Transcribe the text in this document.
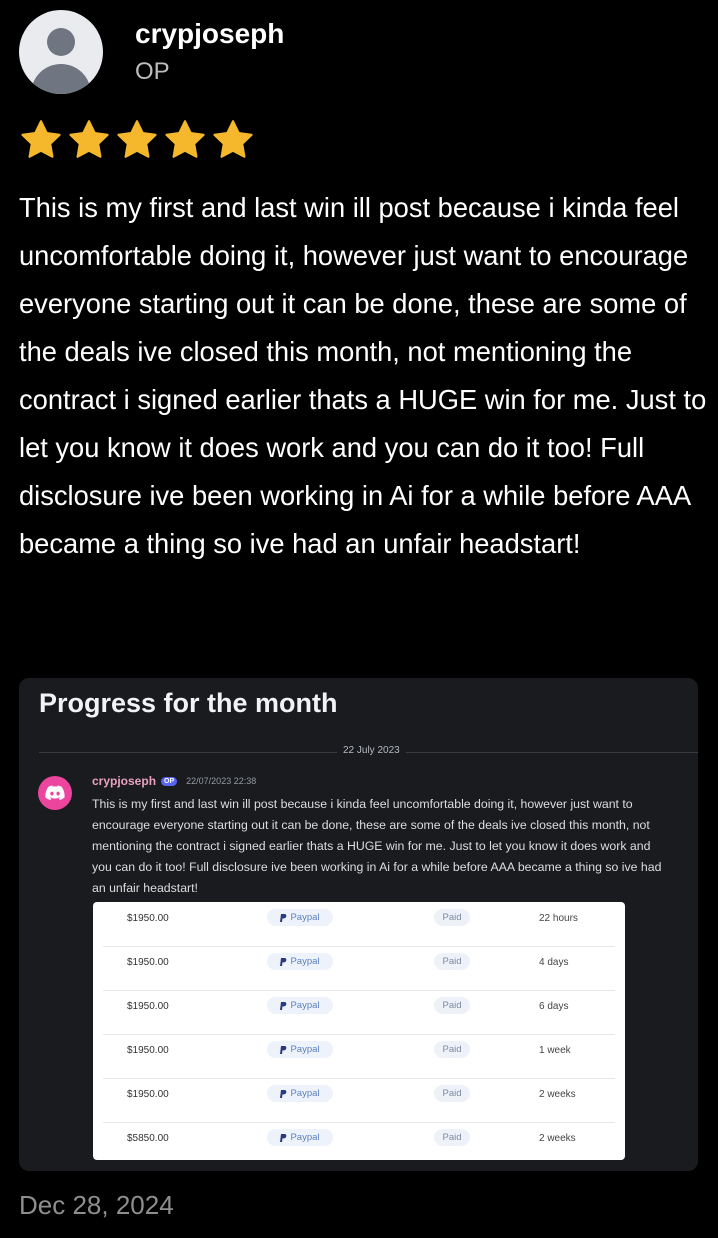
crypjoseph
OP
This is my first and last win ill post because i kinda feel uncomfortable doing it, however just want to encourage everyone starting out it can be done, these are some of the deals ive closed this month, not mentioning the contract i signed earlier thats a HUGE win for me. Just to let you know it does work and you can do it too! Full disclosure ive been working in Ai for a while before AAA became a thing so ive had an unfair headstart!
Progress for the month
22 July 2023
crypjoseph	OP	22/07/2023 22:38
This is my first and last win ill post because i kinda feel uncomfortable doing it, however just want to encourage everyone starting out it can be done, these are some of the deals ive closed this month, not mentioning the contract i signed earlier thats a HUGE win for me. Just to let you know it does work and you can do it too! Full disclosure ive been working in Ai for a while before AAA became a thing so ive had an unfair headstart!
$1950.00	Paypal	Paid	22 hours
$1950.00	Paypal	Paid	4 days
$1950.00	Paypal	Paid	6 days
$1950.00	Paypal	Paid	1 week
$1950.00	Paypal	Paid	2 weeks
$5850.00	Paypal	Paid	2 weeks
Dec 28, 2024
